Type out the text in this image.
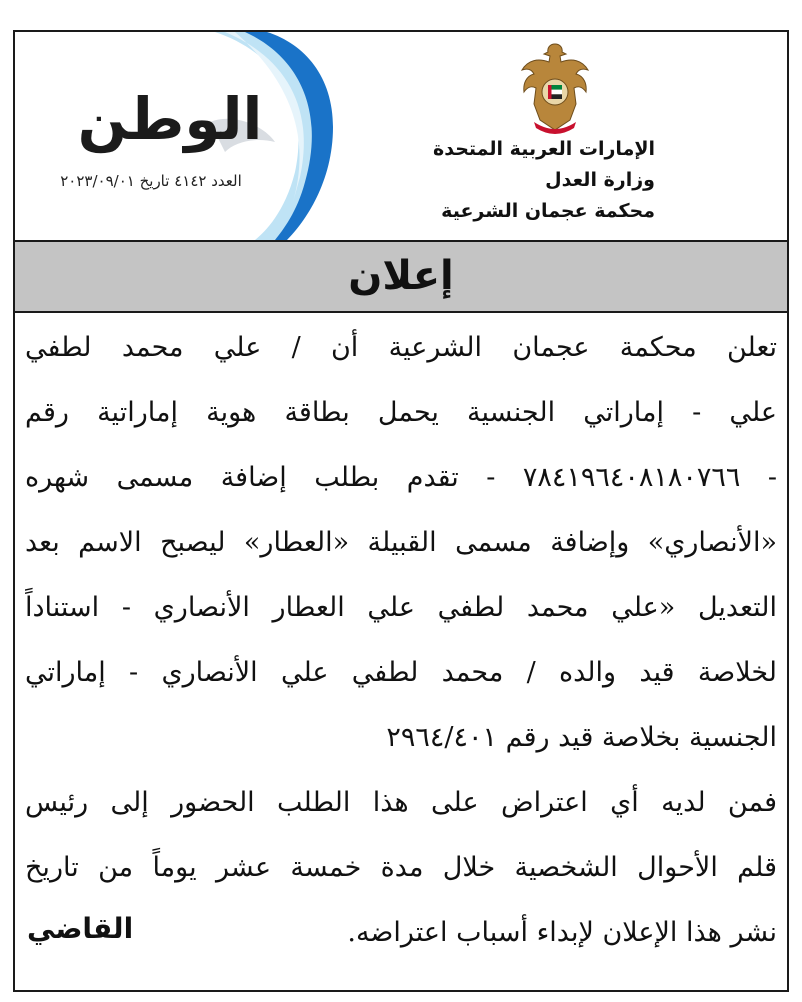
الإمارات العربية المتحدة
وزارة العدل
محكمة عجمان الشرعية
الوطن
العدد ٤١٤٢ تاريخ ٢٠٢٣/٠٩/٠١
إعلان
تعلن محكمة عجمان الشرعية أن / علي محمد لطفي
علي - إماراتي الجنسية يحمل بطاقة هوية إماراتية رقم
- ٧٨٤١٩٦٤٠٨١٨٠٧٦٦ - تقدم بطلب إضافة مسمى شهره
«الأنصاري» وإضافة مسمى القبيلة «العطار» ليصبح الاسم بعد
التعديل «علي محمد لطفي علي العطار الأنصاري - استناداً
لخلاصة قيد والده / محمد لطفي علي الأنصاري - إماراتي
الجنسية بخلاصة قيد رقم ٢٩٦٤/٤٠١
فمن لديه أي اعتراض على هذا الطلب الحضور إلى رئيس
قلم الأحوال الشخصية خلال مدة خمسة عشر يوماً من تاريخ
نشر هذا الإعلان لإبداء أسباب اعتراضه.
القاضي
